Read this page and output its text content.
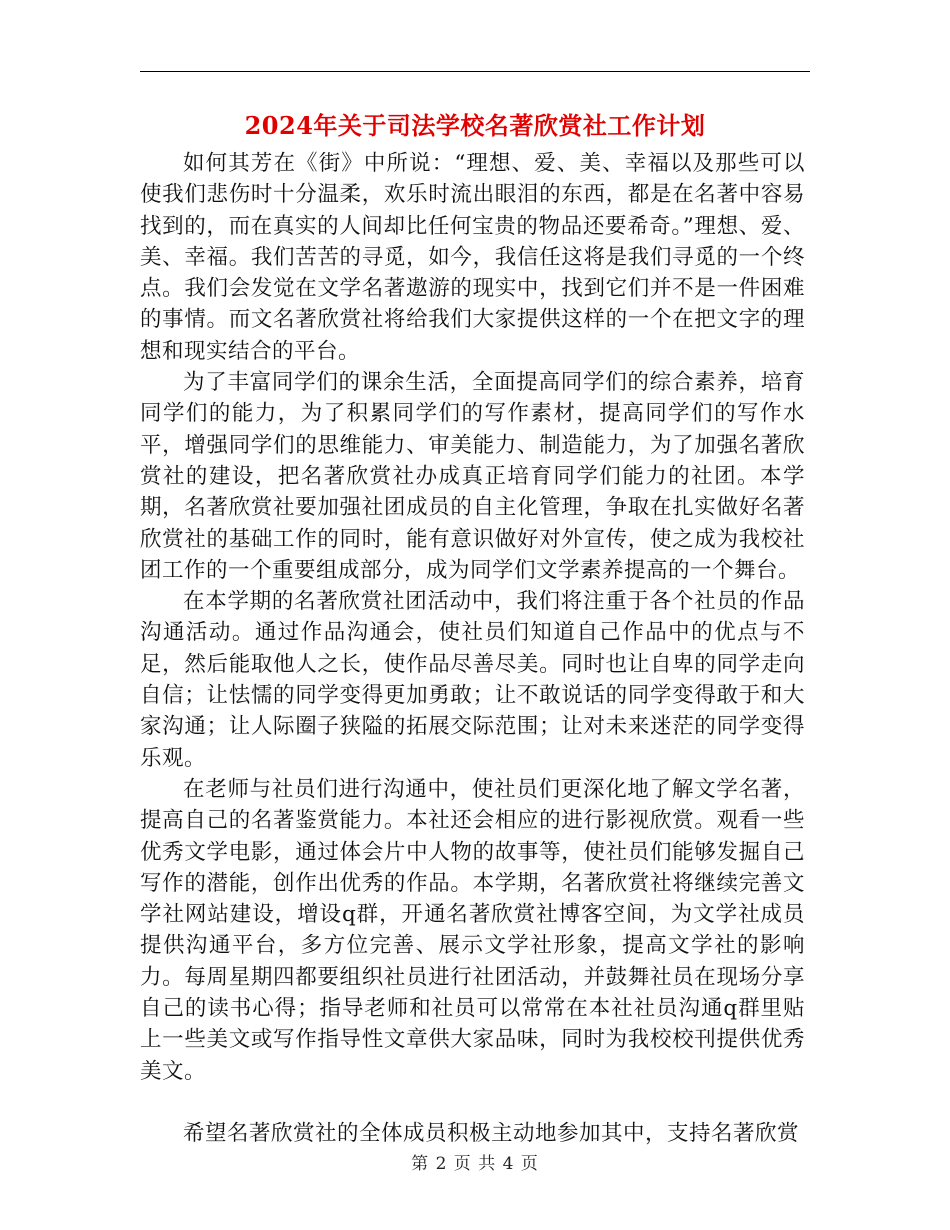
2024年关于司法学校名著欣赏社工作计划

如何其芳在《街》中所说：“理想、爱、美、幸福以及那些可以使我们悲伤时十分温柔，欢乐时流出眼泪的东西，都是在名著中容易找到的，而在真实的人间却比任何宝贵的物品还要希奇。”理想、爱、美、幸福。我们苦苦的寻觅，如今，我信任这将是我们寻觅的一个终点。我们会发觉在文学名著遨游的现实中，找到它们并不是一件困难的事情。而文名著欣赏社将给我们大家提供这样的一个在把文字的理想和现实结合的平台。

为了丰富同学们的课余生活，全面提高同学们的综合素养，培育同学们的能力，为了积累同学们的写作素材，提高同学们的写作水平，增强同学们的思维能力、审美能力、制造能力，为了加强名著欣赏社的建设，把名著欣赏社办成真正培育同学们能力的社团。本学期，名著欣赏社要加强社团成员的自主化管理，争取在扎实做好名著欣赏社的基础工作的同时，能有意识做好对外宣传，使之成为我校社团工作的一个重要组成部分，成为同学们文学素养提高的一个舞台。

在本学期的名著欣赏社团活动中，我们将注重于各个社员的作品沟通活动。通过作品沟通会，使社员们知道自己作品中的优点与不足，然后能取他人之长，使作品尽善尽美。同时也让自卑的同学走向自信；让怯懦的同学变得更加勇敢；让不敢说话的同学变得敢于和大家沟通；让人际圈子狭隘的拓展交际范围；让对未来迷茫的同学变得乐观。

在老师与社员们进行沟通中，使社员们更深化地了解文学名著，提高自己的名著鉴赏能力。本社还会相应的进行影视欣赏。观看一些优秀文学电影，通过体会片中人物的故事等，使社员们能够发掘自己写作的潜能，创作出优秀的作品。本学期，名著欣赏社将继续完善文学社网站建设，增设q群，开通名著欣赏社博客空间，为文学社成员提供沟通平台，多方位完善、展示文学社形象，提高文学社的影响力。每周星期四都要组织社员进行社团活动，并鼓舞社员在现场分享自己的读书心得；指导老师和社员可以常常在本社社员沟通q群里贴上一些美文或写作指导性文章供大家品味，同时为我校校刊提供优秀美文。

希望名著欣赏社的全体成员积极主动地参加其中，支持名著欣赏

第 2 页 共 4 页
